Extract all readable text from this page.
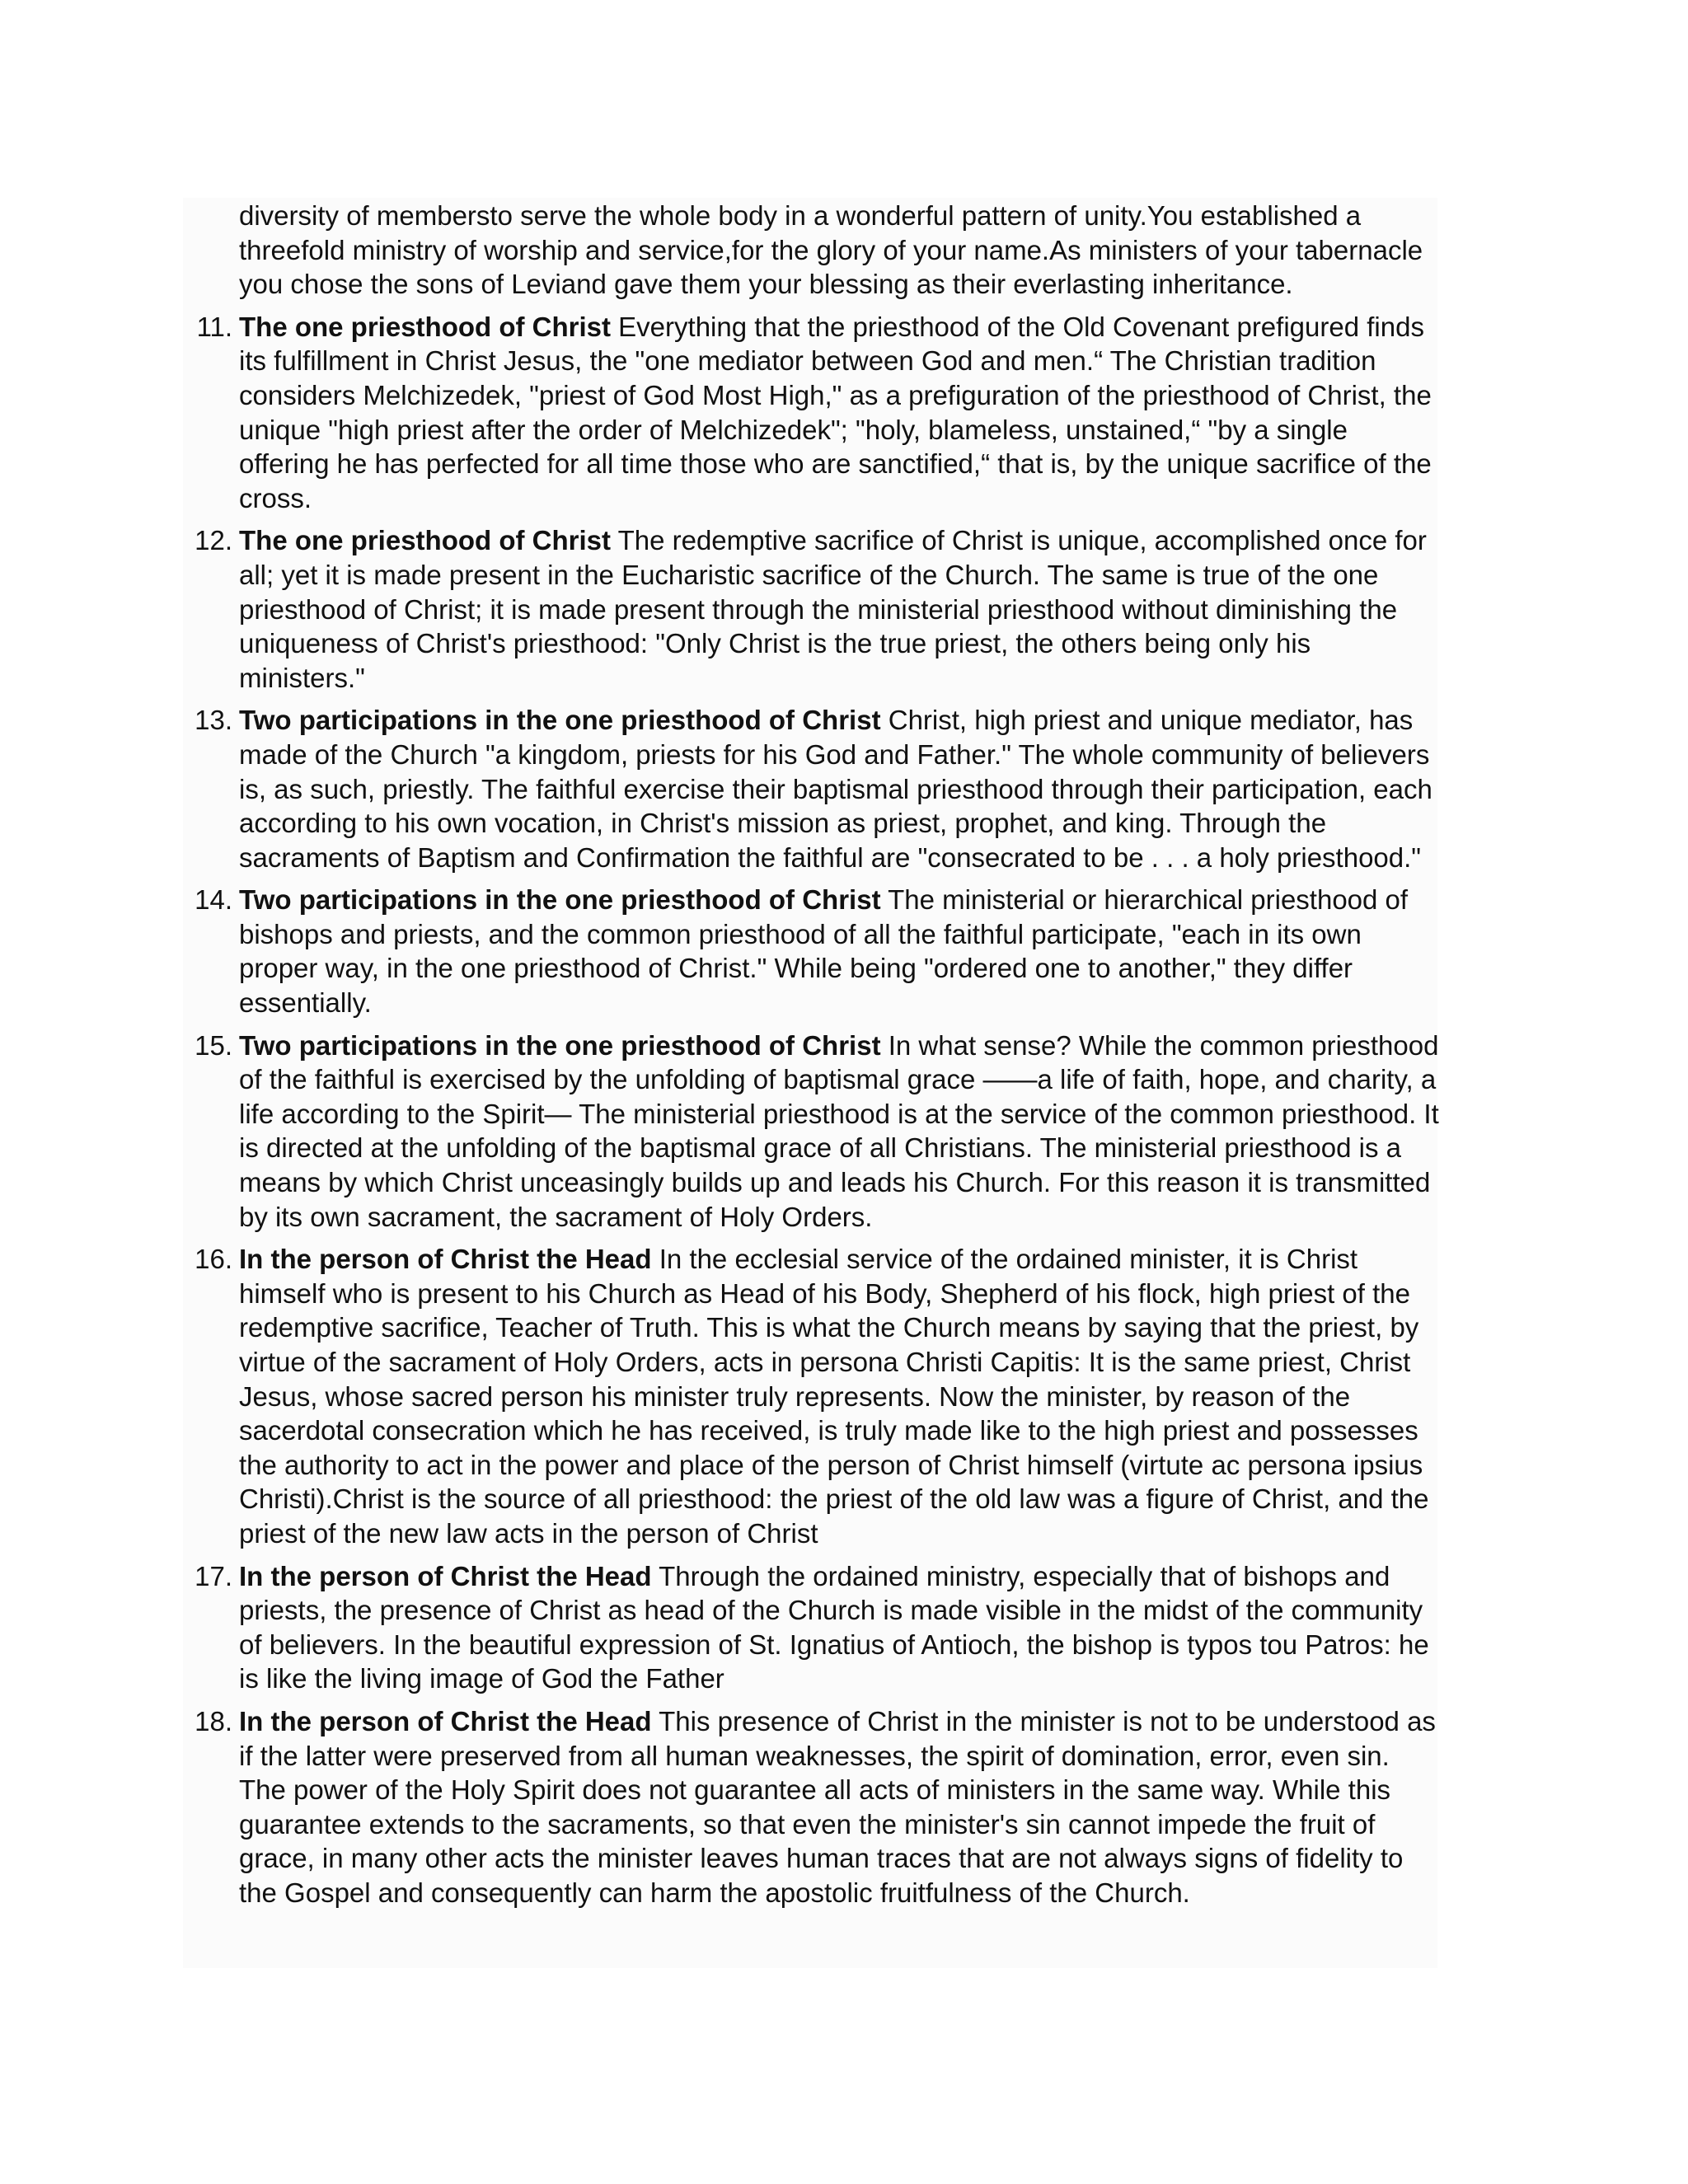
diversity of membersto serve the whole body in a wonderful pattern of unity.You established a threefold ministry of worship and service,for the glory of your name.As ministers of your tabernacle you chose the sons of Leviand gave them your blessing as their everlasting inheritance.

11. The one priesthood of Christ Everything that the priesthood of the Old Covenant prefigured finds its fulfillment in Christ Jesus, the "one mediator between God and men.“ The Christian tradition considers Melchizedek, "priest of God Most High," as a prefiguration of the priesthood of Christ, the unique "high priest after the order of Melchizedek"; "holy, blameless, unstained,“ "by a single offering he has perfected for all time those who are sanctified,“ that is, by the unique sacrifice of the cross.
12. The one priesthood of Christ The redemptive sacrifice of Christ is unique, accomplished once for all; yet it is made present in the Eucharistic sacrifice of the Church. The same is true of the one priesthood of Christ; it is made present through the ministerial priesthood without diminishing the uniqueness of Christ's priesthood: "Only Christ is the true priest, the others being only his ministers."
13. Two participations in the one priesthood of Christ Christ, high priest and unique mediator, has made of the Church "a kingdom, priests for his God and Father." The whole community of believers is, as such, priestly. The faithful exercise their baptismal priesthood through their participation, each according to his own vocation, in Christ's mission as priest, prophet, and king. Through the sacraments of Baptism and Confirmation the faithful are "consecrated to be . . . a holy priesthood."
14. Two participations in the one priesthood of Christ The ministerial or hierarchical priesthood of bishops and priests, and the common priesthood of all the faithful participate, "each in its own proper way, in the one priesthood of Christ." While being "ordered one to another," they differ essentially.
15. Two participations in the one priesthood of Christ In what sense? While the common priesthood of the faithful is exercised by the unfolding of baptismal grace ——a life of faith, hope, and charity, a life according to the Spirit— The ministerial priesthood is at the service of the common priesthood. It is directed at the unfolding of the baptismal grace of all Christians. The ministerial priesthood is a means by which Christ unceasingly builds up and leads his Church. For this reason it is transmitted by its own sacrament, the sacrament of Holy Orders.
16. In the person of Christ the Head In the ecclesial service of the ordained minister, it is Christ himself who is present to his Church as Head of his Body, Shepherd of his flock, high priest of the redemptive sacrifice, Teacher of Truth. This is what the Church means by saying that the priest, by virtue of the sacrament of Holy Orders, acts in persona Christi Capitis: It is the same priest, Christ Jesus, whose sacred person his minister truly represents. Now the minister, by reason of the sacerdotal consecration which he has received, is truly made like to the high priest and possesses the authority to act in the power and place of the person of Christ himself (virtute ac persona ipsius Christi).Christ is the source of all priesthood: the priest of the old law was a figure of Christ, and the priest of the new law acts in the person of Christ
17. In the person of Christ the Head Through the ordained ministry, especially that of bishops and priests, the presence of Christ as head of the Church is made visible in the midst of the community of believers. In the beautiful expression of St. Ignatius of Antioch, the bishop is typos tou Patros: he is like the living image of God the Father
18. In the person of Christ the Head This presence of Christ in the minister is not to be understood as if the latter were preserved from all human weaknesses, the spirit of domination, error, even sin. The power of the Holy Spirit does not guarantee all acts of ministers in the same way. While this guarantee extends to the sacraments, so that even the minister's sin cannot impede the fruit of grace, in many other acts the minister leaves human traces that are not always signs of fidelity to the Gospel and consequently can harm the apostolic fruitfulness of the Church.
